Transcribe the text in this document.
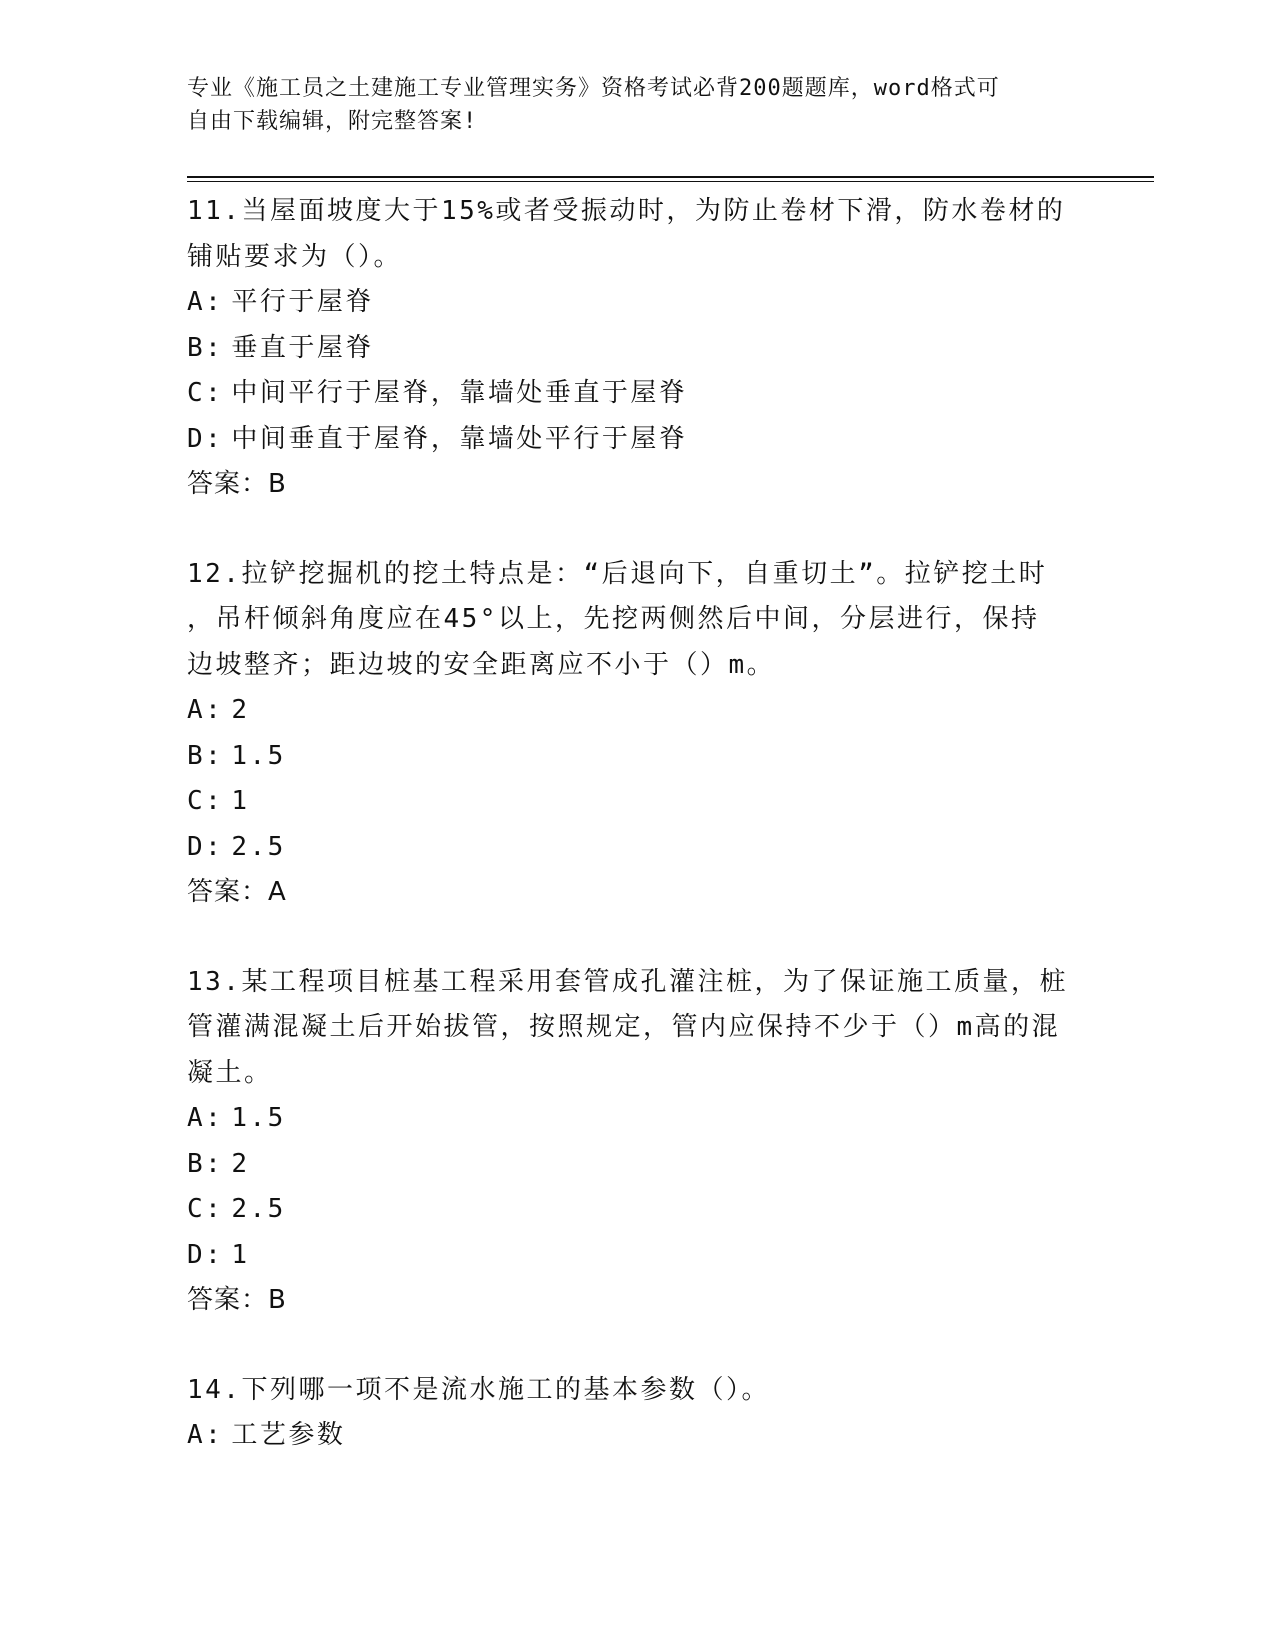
专业《施工员之土建施工专业管理实务》资格考试必背200题题库，word格式可
自由下载编辑，附完整答案!
11.当屋面坡度大于15%或者受振动时，为防止卷材下滑，防水卷材的
铺贴要求为（）。
A: 平行于屋脊
B: 垂直于屋脊
C: 中间平行于屋脊，靠墙处垂直于屋脊
D: 中间垂直于屋脊，靠墙处平行于屋脊
答案：B
12.拉铲挖掘机的挖土特点是：“后退向下，自重切土”。拉铲挖土时
，吊杆倾斜角度应在45°以上，先挖两侧然后中间，分层进行，保持
边坡整齐；距边坡的安全距离应不小于（）m。
A: 2
B: 1.5
C: 1
D: 2.5
答案：A
13.某工程项目桩基工程采用套管成孔灌注桩，为了保证施工质量，桩
管灌满混凝土后开始拔管，按照规定，管内应保持不少于（）m高的混
凝土。
A: 1.5
B: 2
C: 2.5
D: 1
答案：B
14.下列哪一项不是流水施工的基本参数（）。
A: 工艺参数
